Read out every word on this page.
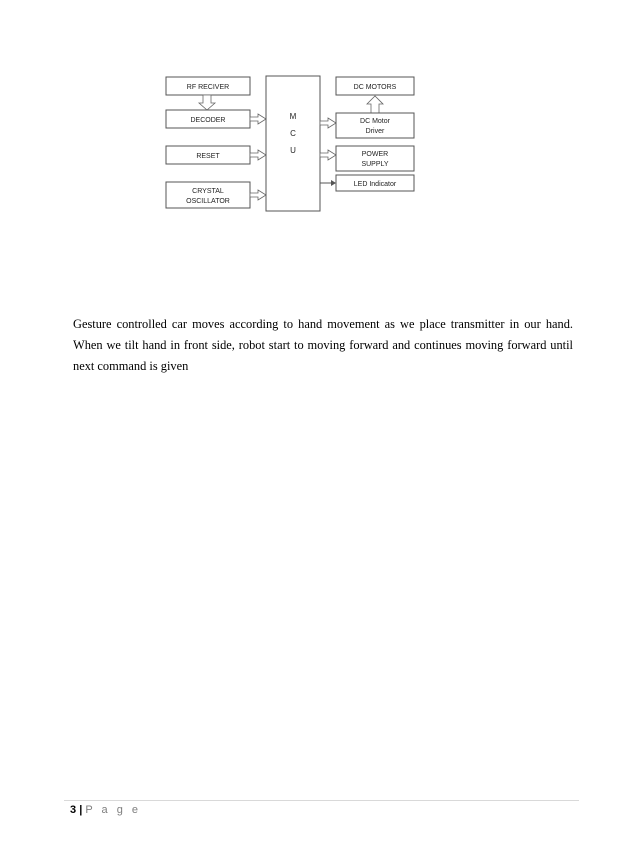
RF RECIVER
DECODER
RESET
CRYSTAL
OSCILLATOR
M
C
U
DC MOTORS
DC Motor
Driver
POWER
SUPPLY
LED Indicator

Gesture controlled car moves according to hand movement as we place transmitter in our hand. When we tilt hand in front side, robot start to moving forward and continues moving forward until next command is given

3 | P a g e
